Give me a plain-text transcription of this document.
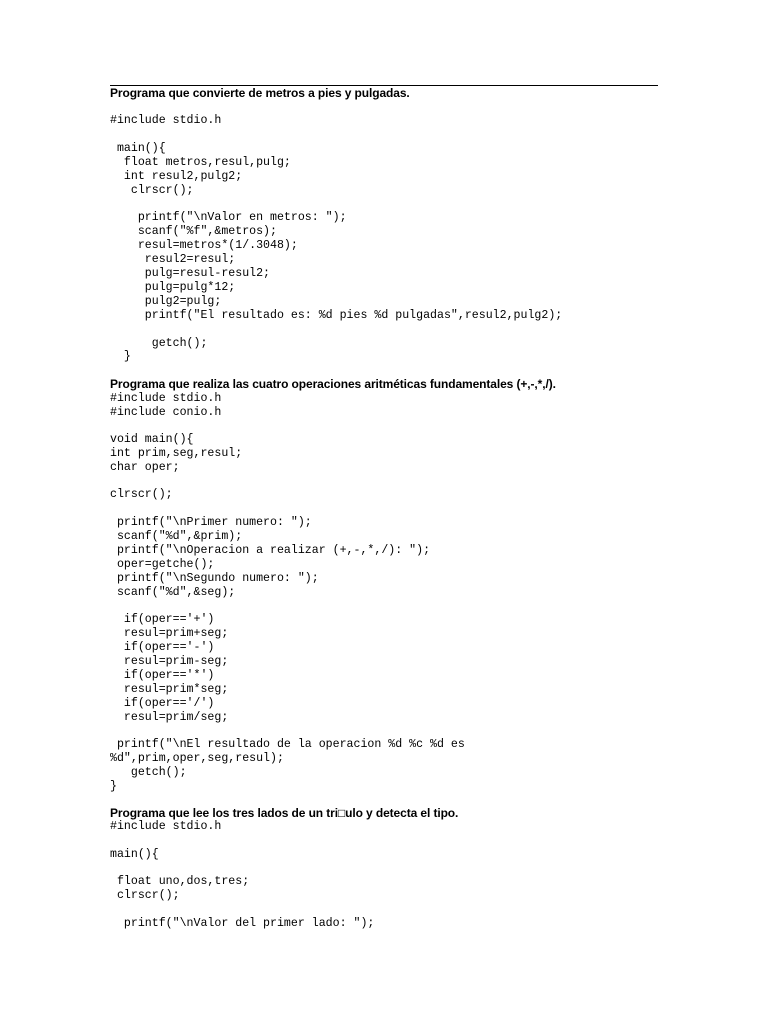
Programa que convierte de metros a pies y pulgadas.
#include stdio.h
main(){
float metros,resul,pulg;
int resul2,pulg2;
clrscr();
printf("\nValor en metros: ");
scanf("%f",&metros);
resul=metros*(1/.3048);
resul2=resul;
pulg=resul-resul2;
pulg=pulg*12;
pulg2=pulg;
printf("El resultado es: %d pies %d pulgadas",resul2,pulg2);
getch();
}
Programa que realiza las cuatro operaciones aritméticas fundamentales (+,-,*,/).
#include stdio.h
#include conio.h
void main(){
int prim,seg,resul;
char oper;
clrscr();
printf("\nPrimer numero: ");
scanf("%d",&prim);
printf("\nOperacion a realizar (+,-,*,/): ");
oper=getche();
printf("\nSegundo numero: ");
scanf("%d",&seg);
if(oper=='+')
resul=prim+seg;
if(oper=='-')
resul=prim-seg;
if(oper=='*')
resul=prim*seg;
if(oper=='/')
resul=prim/seg;
printf("\nEl resultado de la operacion %d %c %d es
%d",prim,oper,seg,resul);
getch();
}
Programa que lee los tres lados de un tri□ulo y detecta el tipo.
#include stdio.h
main(){
float uno,dos,tres;
clrscr();
printf("\nValor del primer lado: ");
